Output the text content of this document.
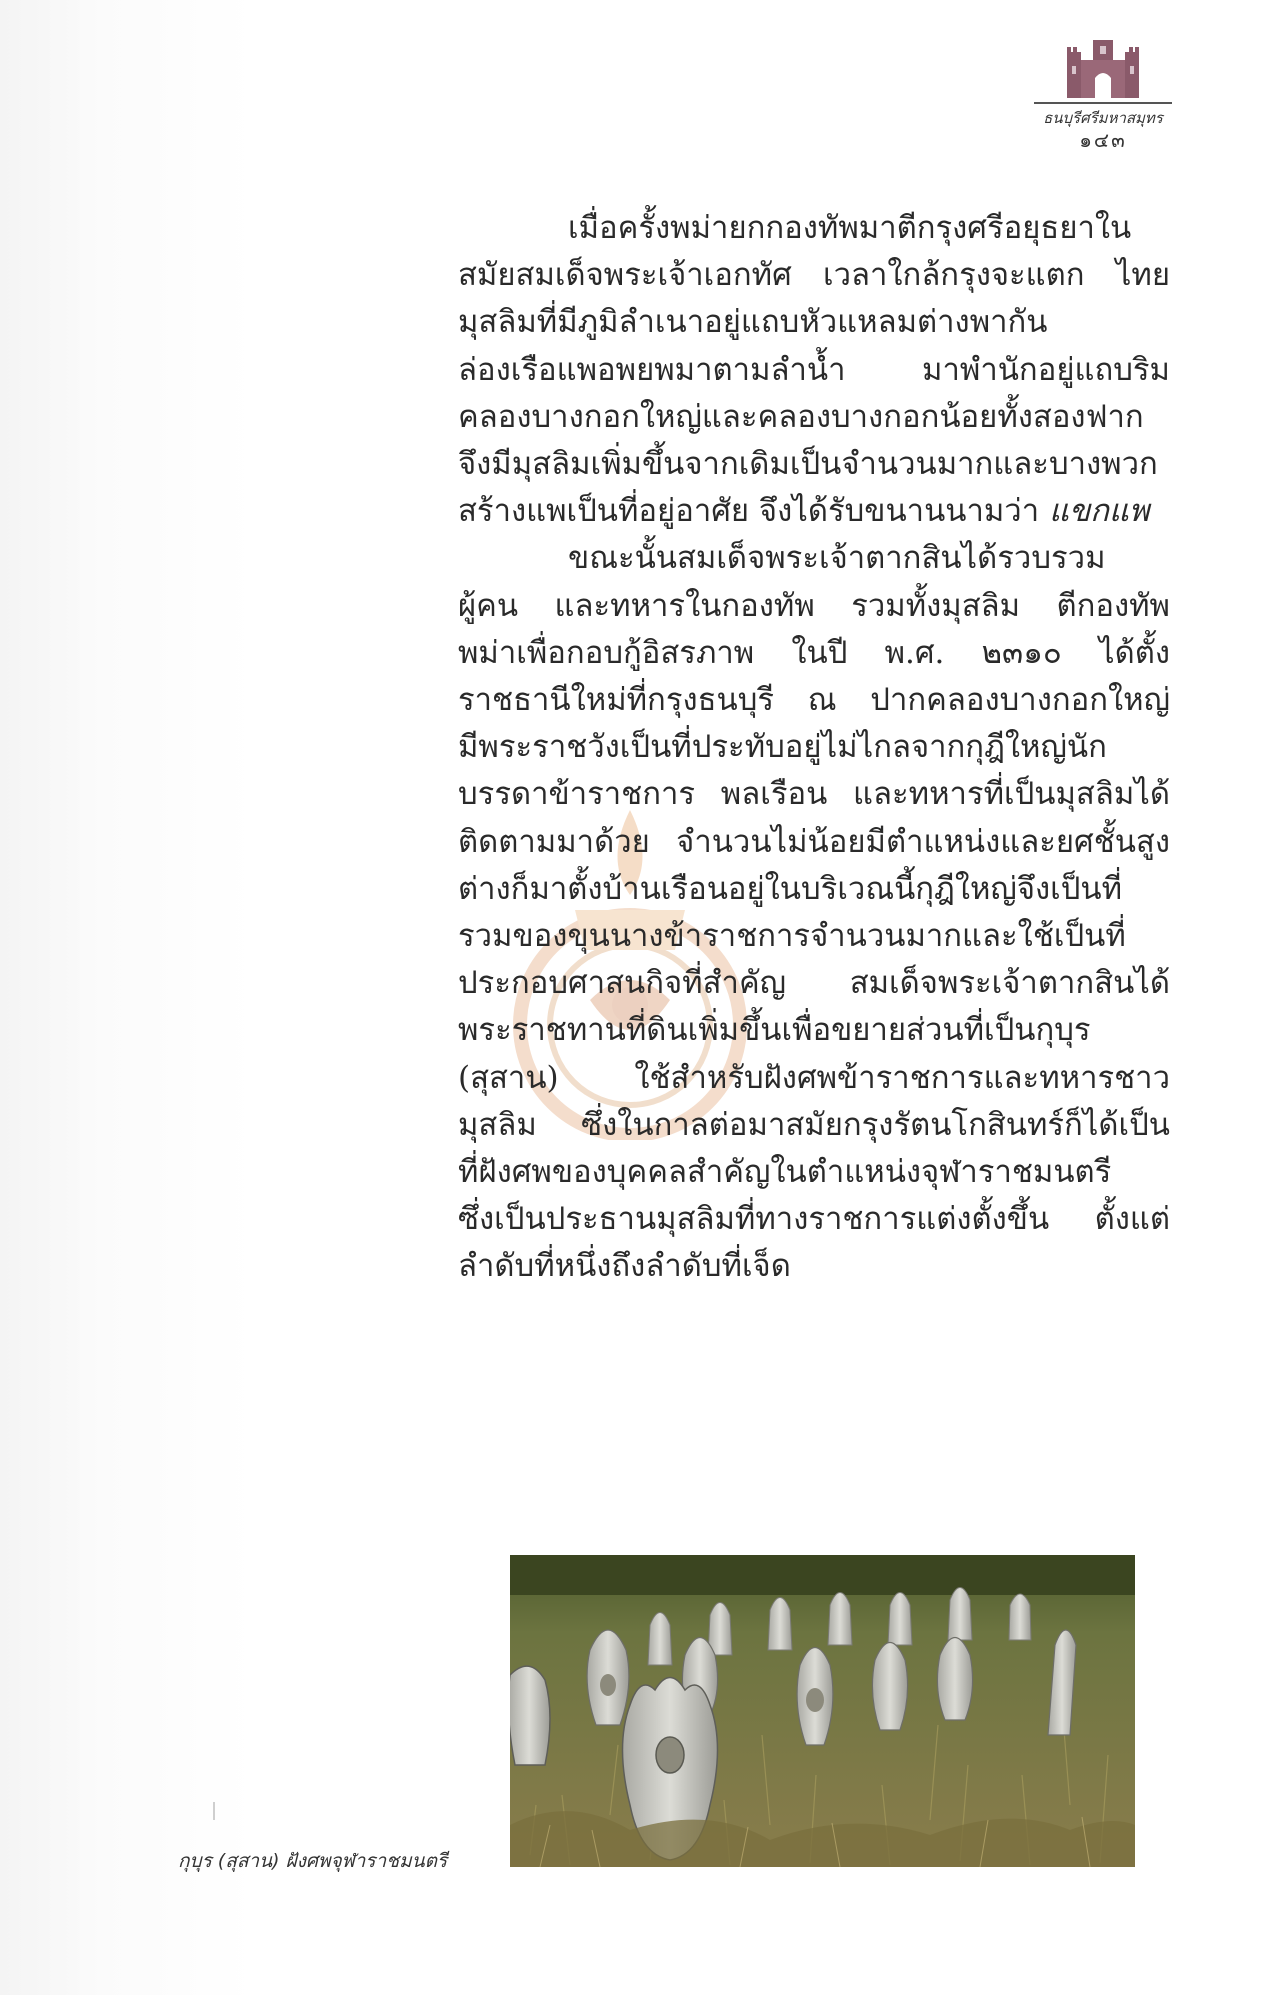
ธนบุรีศรีมหาสมุทร
๑๔๓

เมื่อครั้งพม่ายกกองทัพมาตีกรุงศรีอยุธยาใน

สมัยสมเด็จพระเจ้าเอกทัศ เวลาใกล้กรุงจะแตก ไทย

มุสลิมที่มีภูมิลำเนาอยู่แถบหัวแหลมต่างพากัน

ล่องเรือแพอพยพมาตามลำน้ำ มาพำนักอยู่แถบริม

คลองบางกอกใหญ่และคลองบางกอกน้อยทั้งสองฟาก

จึงมีมุสลิมเพิ่มขึ้นจากเดิมเป็นจำนวนมากและบางพวก

สร้างแพเป็นที่อยู่อาศัย จึงได้รับขนานนามว่า แขกแพ

ขณะนั้นสมเด็จพระเจ้าตากสินได้รวบรวม

ผู้คน และทหารในกองทัพ รวมทั้งมุสลิม ตีกองทัพ

พม่าเพื่อกอบกู้อิสรภาพ ในปี พ.ศ. ๒๓๑๐ ได้ตั้ง

ราชธานีใหม่ที่กรุงธนบุรี ณ ปากคลองบางกอกใหญ่

มีพระราชวังเป็นที่ประทับอยู่ไม่ไกลจากกุฎีใหญ่นัก

บรรดาข้าราชการ พลเรือน และทหารที่เป็นมุสลิมได้

ติดตามมาด้วย จำนวนไม่น้อยมีตำแหน่งและยศชั้นสูง

ต่างก็มาตั้งบ้านเรือนอยู่ในบริเวณนี้กุฎีใหญ่จึงเป็นที่

รวมของขุนนางข้าราชการจำนวนมากและใช้เป็นที่

ประกอบศาสนกิจที่สำคัญ สมเด็จพระเจ้าตากสินได้

พระราชทานที่ดินเพิ่มขึ้นเพื่อขยายส่วนที่เป็นกุบุร

(สุสาน) ใช้สำหรับฝังศพข้าราชการและทหารชาว

มุสลิม ซึ่งในกาลต่อมาสมัยกรุงรัตนโกสินทร์ก็ได้เป็น

ที่ฝังศพของบุคคลสำคัญในตำแหน่งจุฬาราชมนตรี

ซึ่งเป็นประธานมุสลิมที่ทางราชการแต่งตั้งขึ้น ตั้งแต่

ลำดับที่หนึ่งถึงลำดับที่เจ็ด

กุบุร (สุสาน) ฝังศพจุฬาราชมนตรี
